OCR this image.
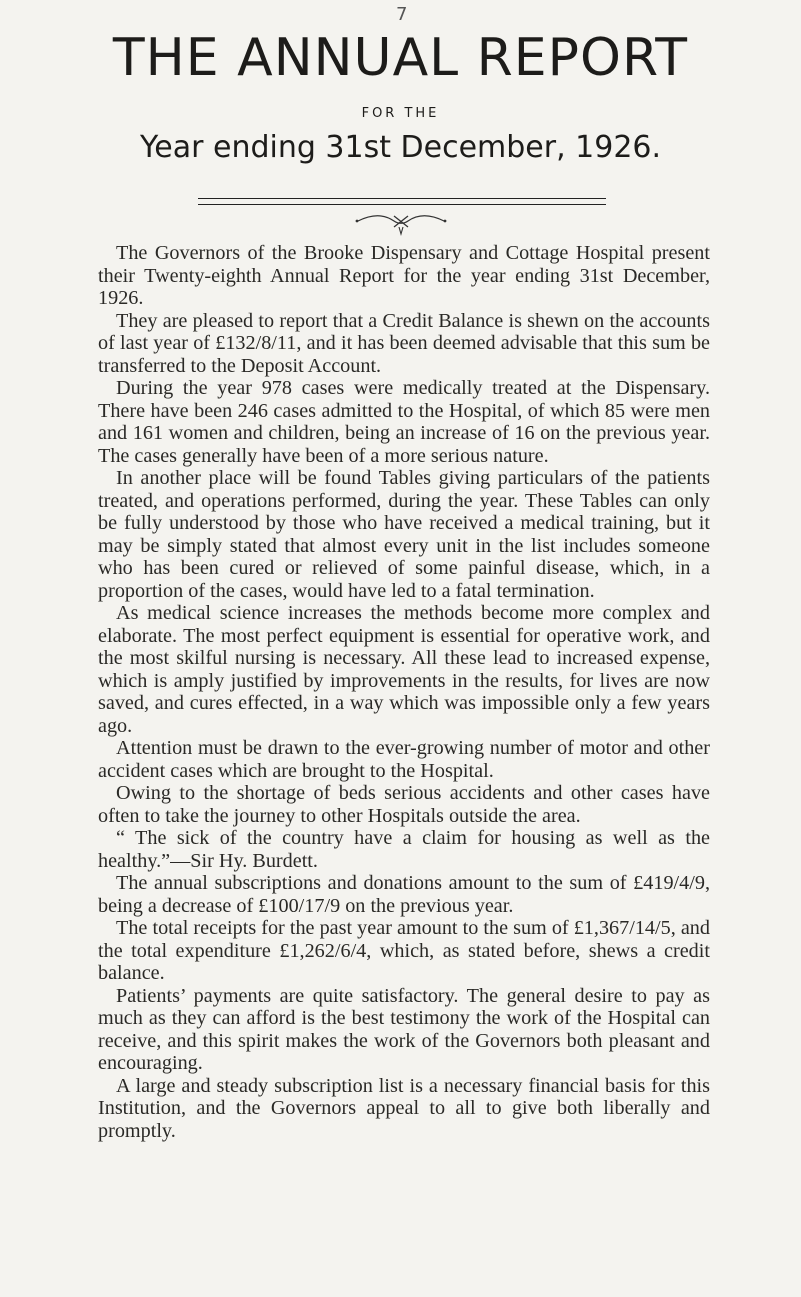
7
THE ANNUAL REPORT
FOR THE
Year ending 31st December, 1926.

The Governors of the Brooke Dispensary and Cottage Hospital present their Twenty-eighth Annual Report for the year ending 31st December, 1926.

They are pleased to report that a Credit Balance is shewn on the accounts of last year of £132/8/11, and it has been deemed advisable that this sum be transferred to the Deposit Account.

During the year 978 cases were medically treated at the Dispensary. There have been 246 cases admitted to the Hospital, of which 85 were men and 161 women and children, being an increase of 16 on the previous year. The cases generally have been of a more serious nature.

In another place will be found Tables giving particulars of the patients treated, and operations performed, during the year. These Tables can only be fully understood by those who have received a medical training, but it may be simply stated that almost every unit in the list includes someone who has been cured or relieved of some painful disease, which, in a proportion of the cases, would have led to a fatal termination.

As medical science increases the methods become more complex and elaborate. The most perfect equipment is essential for operative work, and the most skilful nursing is necessary. All these lead to increased expense, which is amply justified by improvements in the results, for lives are now saved, and cures effected, in a way which was impossible only a few years ago.

Attention must be drawn to the ever-growing number of motor and other accident cases which are brought to the Hospital.

Owing to the shortage of beds serious accidents and other cases have often to take the journey to other Hospitals outside the area.

“ The sick of the country have a claim for housing as well as the healthy.”—Sir Hy. Burdett.

The annual subscriptions and donations amount to the sum of £419/4/9, being a decrease of £100/17/9 on the previous year.

The total receipts for the past year amount to the sum of £1,367/14/5, and the total expenditure £1,262/6/4, which, as stated before, shews a credit balance.

Patients’ payments are quite satisfactory. The general desire to pay as much as they can afford is the best testimony the work of the Hospital can receive, and this spirit makes the work of the Governors both pleasant and encouraging.

A large and steady subscription list is a necessary financial basis for this Institution, and the Governors appeal to all to give both liberally and promptly.
